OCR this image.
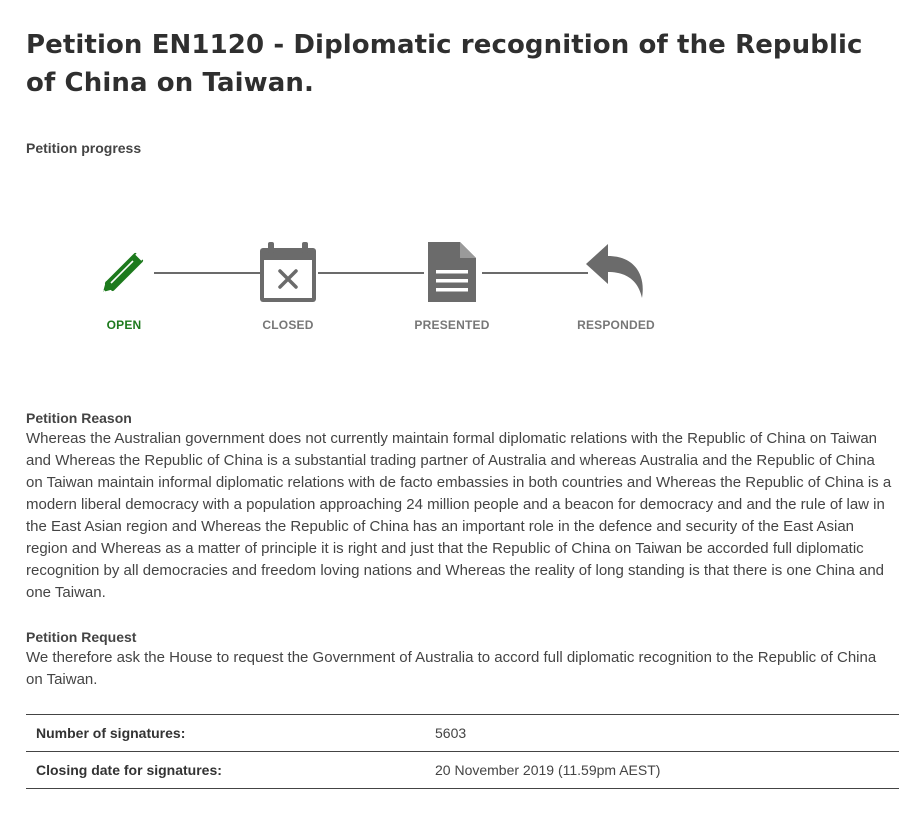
Petition EN1120 - Diplomatic recognition of the Republic of China on Taiwan.
Petition progress
OPEN	CLOSED	PRESENTED	RESPONDED
Petition Reason
Whereas the Australian government does not currently maintain formal diplomatic relations with the Republic of China on Taiwan and Whereas the Republic of China is a substantial trading partner of Australia and whereas Australia and the Republic of China on Taiwan maintain informal diplomatic relations with de facto embassies in both countries and Whereas the Republic of China is a modern liberal democracy with a population approaching 24 million people and a beacon for democracy and and the rule of law in the East Asian region and Whereas the Republic of China has an important role in the defence and security of the East Asian region and Whereas as a matter of principle it is right and just that the Republic of China on Taiwan be accorded full diplomatic recognition by all democracies and freedom loving nations and Whereas the reality of long standing is that there is one China and one Taiwan.
Petition Request
We therefore ask the House to request the Government of Australia to accord full diplomatic recognition to the Republic of China on Taiwan.
Number of signatures:	5603
Closing date for signatures:	20 November 2019 (11.59pm AEST)
